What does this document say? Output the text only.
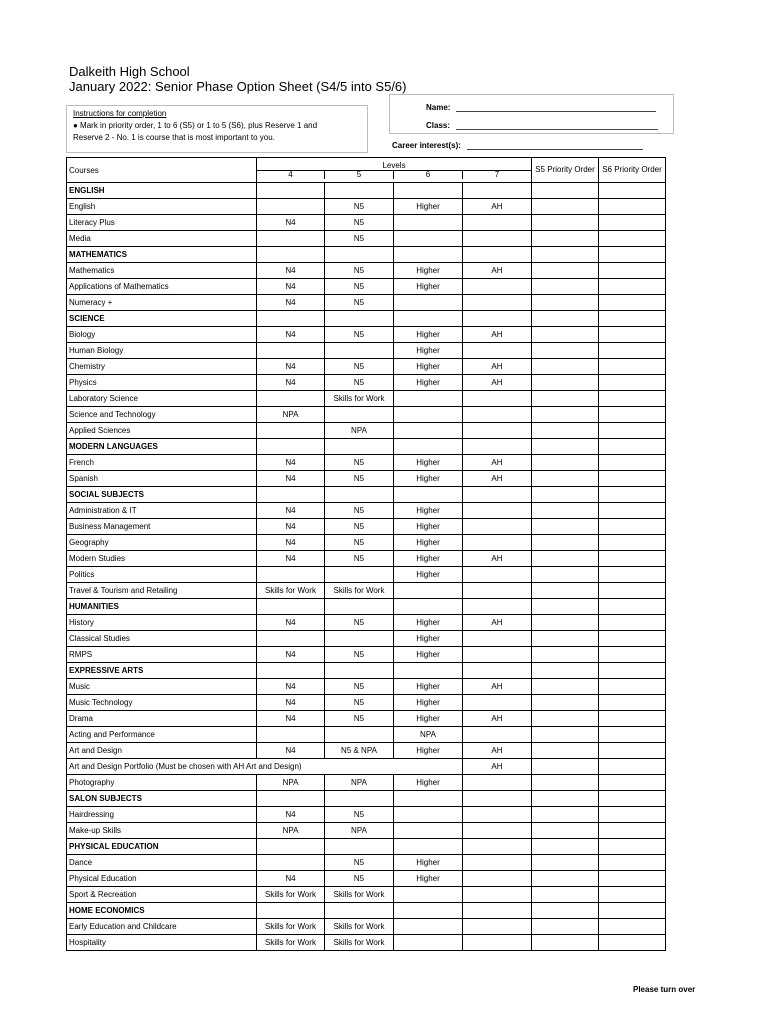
Dalkeith High School
January 2022: Senior Phase Option Sheet (S4/5 into S5/6)
Instructions for completion
● Mark in priority order, 1 to 6 (S5) or 1 to 5 (S6), plus Reserve 1 and
Reserve 2 - No. 1 is course that is most important to you.
Name:
Class:
Career interest(s):
Courses	Levels
4 5 6 7				S5 Priority Order	S6 Priority Order
ENGLISH						
English		N5	Higher	AH		
Literacy Plus	N4	N5				
Media		N5				
MATHEMATICS						
Mathematics	N4	N5	Higher	AH		
Applications of Mathematics	N4	N5	Higher			
Numeracy +	N4	N5				
SCIENCE						
Biology	N4	N5	Higher	AH		
Human Biology			Higher			
Chemistry	N4	N5	Higher	AH		
Physics	N4	N5	Higher	AH		
Laboratory Science		Skills for Work				
Science and Technology	NPA					
Applied Sciences		NPA				
MODERN LANGUAGES						
French	N4	N5	Higher	AH		
Spanish	N4	N5	Higher	AH		
SOCIAL SUBJECTS						
Administration & IT	N4	N5	Higher			
Business Management	N4	N5	Higher			
Geography	N4	N5	Higher			
Modern Studies	N4	N5	Higher	AH		
Politics			Higher			
Travel & Tourism and Retailing	Skills for Work	Skills for Work				
HUMANITIES						
History	N4	N5	Higher	AH		
Classical Studies			Higher			
RMPS	N4	N5	Higher			
EXPRESSIVE ARTS						
Music	N4	N5	Higher	AH		
Music Technology	N4	N5	Higher			
Drama	N4	N5	Higher	AH		
Acting and Performance			NPA			
Art and Design	N4	N5 & NPA	Higher	AH		
Art and Design Portfolio (Must be chosen with AH Art and Design)				AH		
Photography	NPA	NPA	Higher			
SALON SUBJECTS						
Hairdressing	N4	N5				
Make-up Skills	NPA	NPA				
PHYSICAL EDUCATION						
Dance		N5	Higher			
Physical Education	N4	N5	Higher			
Sport & Recreation	Skills for Work	Skills for Work				
HOME ECONOMICS						
Early Education and Childcare	Skills for Work	Skills for Work				
Hospitality	Skills for Work	Skills for Work				
Please turn over
